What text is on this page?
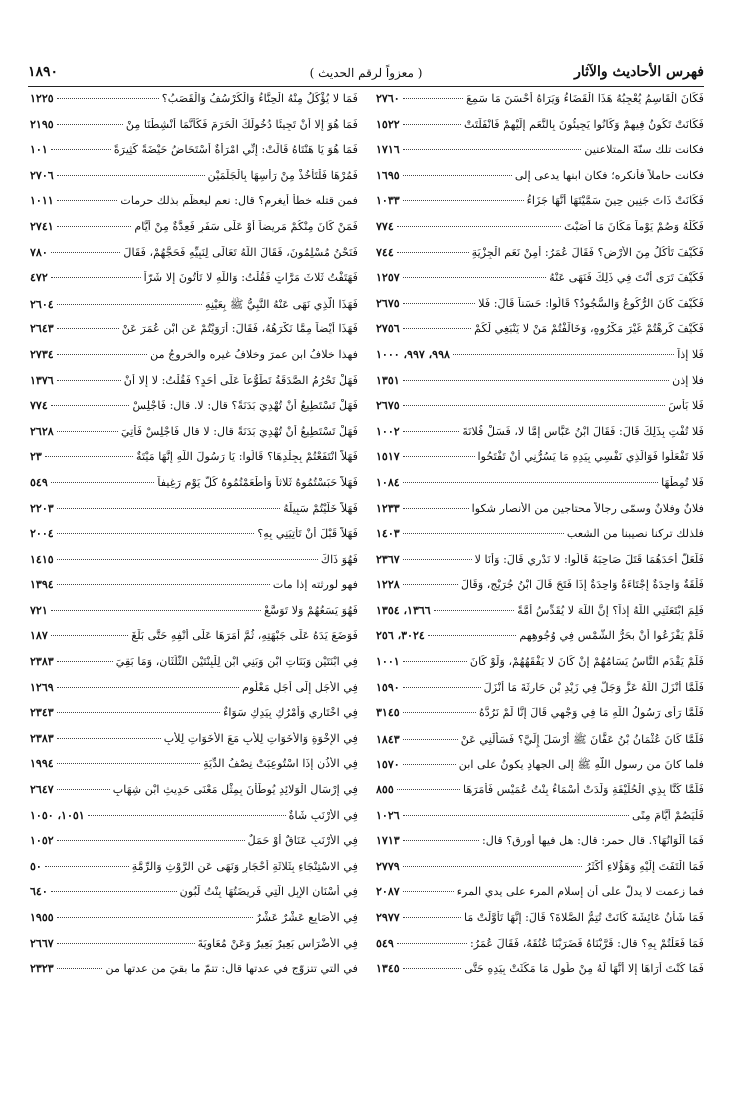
فهرس الأحاديث والآثار
( معزواً لرقم الحديث )
١٨٩٠
فَكَانَ الْقَاسِمُ يُعْجِبُهُ هَذَا الْقَضَاءُ وَيَرَاهُ أَحْسَنَ مَا سَمِعَ
٢٧٦٠
فَكَانَتْ تَكُونُ فِيهِمْ وَكَانُوا يَجِيئُونَ بِالنَّعَمِ إِلَيْهِمْ فَانْفَلَتَتْ
١٥٢٢
فكانت تلك سنّةَ المتلاعنين
١٧١٦
فكانت حاملاً فأنكره؛ فكان ابنها يدعى إلى
١٦٩٥
فَكَانَتْ ذَاتَ جَنِينٍ حِينَ سَمَّيْتَهَا أَنَّهَا جَزَاءُ
١٠٣٣
فَكُلْهُ وَصُمْ يَوْماً مَكَانَ مَا أَصَبْتَ
٧٧٤
فَكَيْفَ تَأْكُلُ مِنَ الأَرْضِ؟ فَقَالَ عُمَرُ: أَمِنْ نَعَمِ الْجِزْيَةِ
٧٤٤
فَكَيْفَ تَرَى أَنْتَ فِي ذَلِكَ فَنَهَى عَنْهُ
١٢٥٧
فَكَيْفَ كَانَ الرُّكُوعُ وَالسُّجُودُ؟ قَالُوا: حَسَناً قَالَ: فَلا
٢٦٧٥
فَكَيْفَ كَرِهْتُمْ غَيْرَ مَكْرُوهٍ، وَخَالَفْتُمْ مَنْ لا يَنْبَغِي لَكُمْ
٢٧٥٦
فَلا إِذاً
٩٩٨، ٩٩٧، ١٠٠٠
فلا إذن
١٣٥١
فَلا بَأْسَ
٢٦٧٥
فَلا تُفْتِ بِذَلِكَ قَالَ: فَقَالَ ابْنُ عَبَّاسٍ إِمَّا لا، فَسَلْ فُلانَةَ
١٠٠٢
فَلا تَفْعَلُوا فَوَالَّذِي نَفْسِي بِيَدِهِ مَا يَسُرُّنِي أَنْ تَفْتَحُوا
١٥١٧
فَلا تُمِطْهَا
١٠٨٤
فلانٌ وفلانٌ وسمّى رجالاً محتاجين من الأنصار شكوا
١٢٣٣
فلذلك تركنا نصيبنا من الشعب
١٤٠٣
فَلَعَلَّ أَحَدَهُمَا قَتَلَ صَاحِبَهُ قَالُوا: لا نَدْرِي قَالَ: وَأَنَا لا
٢٣٦٧
فَلْقَةٌ وَاحِدَةٌ إِجْتَاءَةٌ وَاحِدَةٌ إِذَا فَتَحَ قَالَ ابْنُ جُرَيْجٍ، وَقَالَ
١٢٢٨
فَلِمَ ابْتَعَثَنِي اللَّهُ إِذاً؟ إِنَّ اللَّهَ لا يُقَدِّسُ أُمَّةً
١٣٦٦، ١٣٥٤
فَلَمْ يَفْزَعُوا أَنْ بحَرُّ الشَّمْسِ فِي وُجُوهِهِم
٣٠٢٤، ٢٥٦
فَلَمْ يَقْدَمِ النَّاسُ يَسَامُهُمْ إِنْ كَانَ لا يَفْقَهُهُمْ، وَلَوْ كَانَ
١٠٠١
فَلَمَّا أَنْزَلَ اللَّهُ عَزَّ وَجَلَّ فِي زَيْدِ بْنِ حَارِثَةَ مَا أَنْزَلَ
١٥٩٠
فَلَمَّا رَأَى رَسُولُ اللَّهِ مَا فِي وَجْهِي قَالَ إِنَّا لَمْ نَرُدَّهُ
٣١٤٥
فَلَمَّا كَانَ عُثْمَانُ بْنُ عَفَّانَ ﷺ أَرْسَلَ إِلَيَّ؟ فَسَأَلَنِي عَنْ
١٨٤٣
فلما كانَ من رسول اللَّهِ ﷺ إلى الجهادِ يكونُ على ابن
١٥٧٠
فَلَمَّا كُنَّا بِذِي الْحُلَيْفَةِ وَلَدَتْ أَسْمَاءُ بِنْتُ عُمَيْسٍ فَأَمَرَهَا
٨٥٥
فَلْيَصُمْ أَيَّامَ مِنًى
١٠٢٦
فَمَا أَلْوَانُهَا؟. قال حمر: قال: هل فيها أورق؟ قال:
١٧١٣
فَمَا الْتَفَتَ إِلَيْهِ وَهَؤُلاءِ أَكْثَرُ
٢٧٧٩
فما زعمت لا يدلُّ على أن إسلام المرء على يدي المرء
٢٠٨٧
فَمَا شَأْنُ عَائِشَةَ كَانَتْ تُتِمُّ الصَّلاةَ؟ قَالَ: إِنَّهَا تَأَوَّلَتْ مَا
٢٩٧٧
فَمَا فَعَلْتُمْ بِهِ؟ قال: قَرَّبْنَاهُ فَضَرَبْنَا عُنُقَهُ، فَقَالَ عُمَرُ:
٥٤٩
فَمَا كُنْتَ أَرَاهَا إِلا أَنَّهَا لَهُ مِنْ طُولِ مَا مَكَثَتْ بِيَدِهِ حَتَّى
١٣٤٥
فَمَا لا يُؤْكَلُ مِنْهُ الْحِنَّاءُ وَالْكُرْسُفُ وَالْقَصَبُ؟
١٢٢٥
فَمَا هُوَ إِلا أَنْ تَجِيئَا دُخُولَكَ الْحَرَمَ فَكَأَنَّمَا أُنْشِطْنَا مِنْ
٢١٩٥
فَمَا هُوَ يَا هَنْتَاهُ قَالَتْ: إِنِّي امْرَأَةٌ أُسْتَحَاضُ حَيْضَةً كَثِيرَةً
١٠١
فَمُرْهَا فَلْتَأْخُذْ مِنْ رَأْسِهَا بِالْجَلَمَيْنِ
٢٧٠٦
فمن قتله خطأً أيغرم؟ قال: نعم ليعظّم بذلك حرمات
١٠١١
فَمَنْ كَانَ مِنْكُمْ مَرِيضاً أَوْ عَلَى سَفَرٍ فَعِدَّةٌ مِنْ أَيَّامٍ
٢٧٤١
فَنَحْنُ مُسْلِمُونَ، فَقَالَ اللَّهُ تَعَالَى لِنَبِيِّهِ فَحَجَّهُمْ، فَقَالَ
٧٨٠
فَهَتَفْتُ ثَلاثَ مَرَّاتٍ فَقُلْتُ: وَاللَّهِ لا تَأْتُونَ إِلا شَرّاً
٤٧٢
فَهَذَا الَّذِي نَهَى عَنْهُ النَّبِيُّ ﷺ بِعَيْنِهِ
٢٦٠٤
فَهَذَا أَيْضاً مِمَّا نَكْرَهُهُ، فَقَالَ: أَرَوَيْتُمْ عَنِ ابْنِ عُمَرَ عَنْ
٢٦٤٣
فهذا خلافُ ابنِ عمرَ وخلافُ غيرِه والخروجُ من
٢٧٣٤
فَهَلْ تَحْرُمُ الصَّدَقَةُ تَطَوُّعاً عَلَى أَحَدٍ؟ فَقُلْتُ: لا إِلا أَنْ
١٣٧٦
فَهَلْ تَسْتَطِيعُ أَنْ تُهْدِيَ بَدَنَةً؟ قال: لا. قال: فَاجْلِسْ
٧٧٤
فَهَلْ تَسْتَطِيعُ أَنْ تُهْدِيَ بَدَنَةً قال: لا قال فَاجْلِسْ فَأُتِيَ
٢٦٢٨
فَهَلاَّ انْتَفَعْتُمْ بِجِلْدِهَا؟ قَالُوا: يَا رَسُولَ اللَّهِ إِنَّهَا مَيْتَةٌ
٢٣
فَهَلاَّ حَبَسْتُمُوهُ ثَلاثاً وَأَطْعَمْتُمُوهُ كُلَّ يَوْمٍ رَغِيفاً
٥٤٩
فَهَلاَّ خَلَّيْتُمْ سَبِيلَهُ
٢٢٠٣
فَهَلاَّ قَبْلَ أَنْ تَأْتِيَنِي بِهِ؟
٢٠٠٤
فَهُوَ ذَاكَ
١٤١٥
فهو لورثته إذا مات
١٣٩٤
فَهُوَ يَسَعُهُمْ وَلا تَوَسَّعْ
٧٢١
فَوَضَعَ يَدَهُ عَلَى جَبْهَتِهِ، ثُمَّ أَمَرَهَا عَلَى أَنْفِهِ حَتَّى بَلَغَ
١٨٧
فِي ابْنَتَيْنِ وَبَنَاتِ ابْنٍ وَبَنِي ابْنٍ لِلْبِنْتَيْنِ الثُّلُثَانِ، وَمَا بَقِيَ
٢٣٨٣
فِي الأَجَلِ إِلَى أَجَلٍ مَعْلُومٍ
١٢٦٩
فِي اخْتَارِي وَأَمْرُكِ بِيَدِكِ سَوَاءٌ
٢٣٤٣
فِي الإِخْوَةِ وَالأَخَوَاتِ لِلأَبِ مَعَ الأَخَوَاتِ لِلأَبِ
٢٣٨٣
فِي الأُذُنِ إِذَا اسْتُوعِبَتْ نِصْفُ الدِّيَةِ
١٩٩٤
فِي إِرْسَالِ الْوَلائِدِ يُوطَأْنَ بِمِثْلِ مَعْنَى حَدِيثِ ابْنِ شِهَابٍ
٢٦٤٧
فِي الأَرْنَبِ شَاةٌ
١٠٥١، ١٠٥٠
فِي الأَرْنَبِ عَنَاقٌ أَوْ حَمَلٌ
١٠٥٢
فِي الاسْتِنْجَاءِ بِثَلاثَةِ أَحْجَارٍ وَنَهَى عَنِ الرَّوْثِ وَالرِّمَّةِ
٥٠
فِي أَسْنَانِ الإِبِلِ الَّتِي فَرِيضَتُهَا بِنْتُ لَبُونٍ
٦٤٠
فِي الأَصَابِعِ عَشْرٌ عَشْرٌ
١٩٥٥
فِي الأَضْرَاسِ بَعِيرٌ بَعِيرٌ وَعَنْ مُعَاوِيَةَ
٢٦٦٧
في التي تتزوّج في عدتها قال: تتمّ ما بقيَ من عدتها من
٢٣٢٣
